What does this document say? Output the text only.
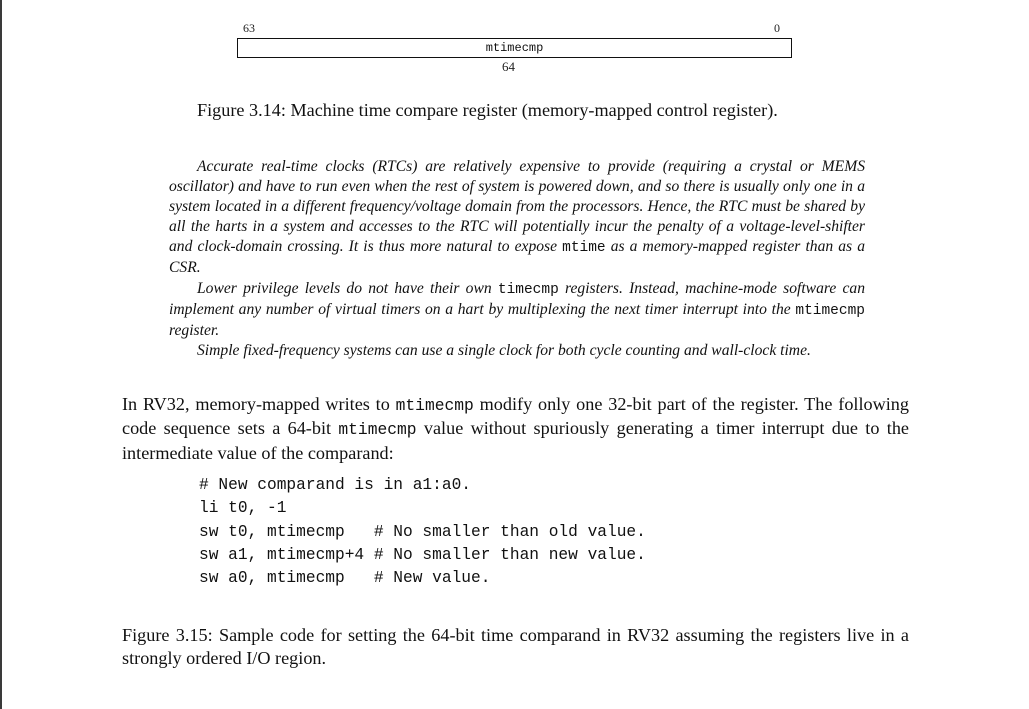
63	0
mtimecmp
64
Figure 3.14: Machine time compare register (memory-mapped control register).

Accurate real-time clocks (RTCs) are relatively expensive to provide (requiring a crystal or MEMS oscillator) and have to run even when the rest of system is powered down, and so there is usually only one in a system located in a different frequency/voltage domain from the processors. Hence, the RTC must be shared by all the harts in a system and accesses to the RTC will potentially incur the penalty of a voltage-level-shifter and clock-domain crossing. It is thus more natural to expose mtime as a memory-mapped register than as a CSR.

Lower privilege levels do not have their own timecmp registers. Instead, machine-mode software can implement any number of virtual timers on a hart by multiplexing the next timer interrupt into the mtimecmp register.

Simple fixed-frequency systems can use a single clock for both cycle counting and wall-clock time.

In RV32, memory-mapped writes to mtimecmp modify only one 32-bit part of the register. The following code sequence sets a 64-bit mtimecmp value without spuriously generating a timer interrupt due to the intermediate value of the comparand:

# New comparand is in a1:a0.
li t0, -1
sw t0, mtimecmp   # No smaller than old value.
sw a1, mtimecmp+4 # No smaller than new value.
sw a0, mtimecmp   # New value.
Figure 3.15: Sample code for setting the 64-bit time comparand in RV32 assuming the registers live in a strongly ordered I/O region.
